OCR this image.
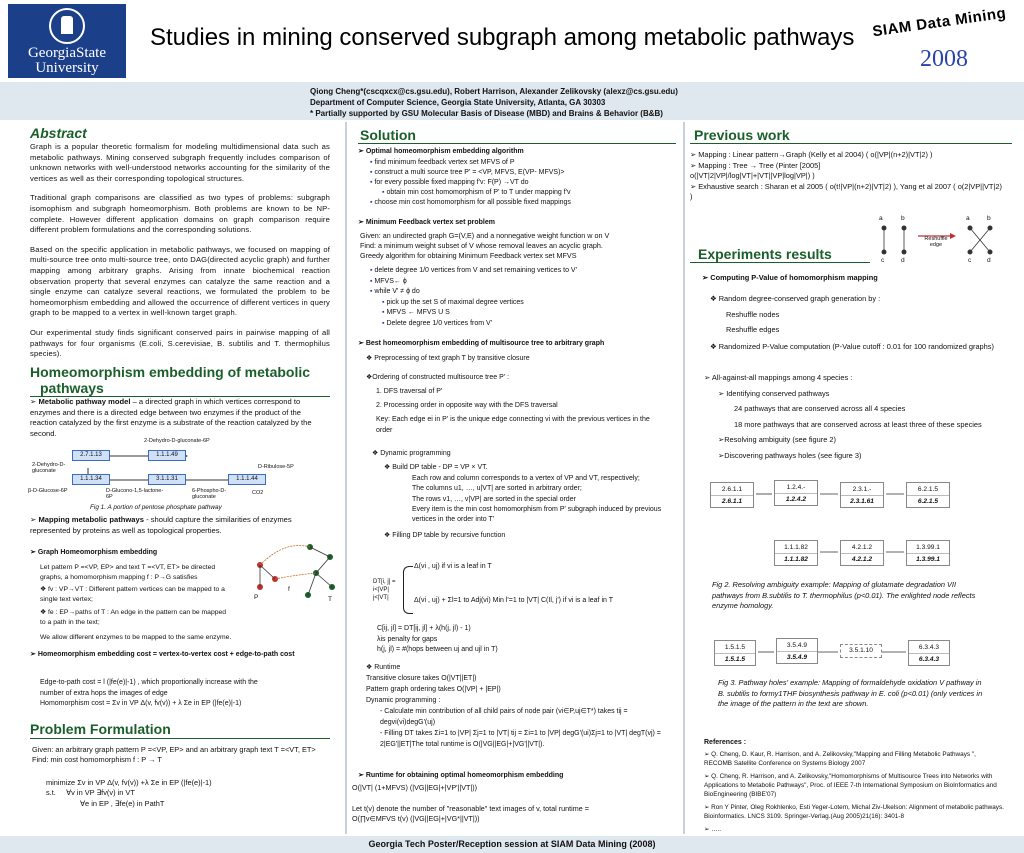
GeorgiaState
University
Studies in mining conserved subgraph among metabolic pathways SIAM Data Mining
2008
Qiong Cheng*(cscqxcx@cs.gsu.edu), Robert Harrison, Alexander Zelikovsky (alexz@cs.gsu.edu)
Department of Computer Science, Georgia State University, Atlanta, GA 30303
* Partially supported by GSU Molecular Basis of Disease (MBD) and Brains & Behavior (B&B)
Abstract

Graph is a popular theoretic formalism for modeling multidimensional data such as metabolic pathways. Mining conserved subgraph frequently includes comparison of unknown networks with well-understood networks accounting for the similarity of the vertices as well as their corresponding topological structures.

Traditional graph comparisons are classified as two types of problems: subgraph isomophism and subgraph homeomorphism. Both problems are known to be NP-complete. However different application domains on graph comparison require different problem formulations and the corresponding solutions.

Based on the specific application in metabolic pathways, we focused on mapping of multi-source tree onto multi-source tree, onto DAG(directed acyclic graph) and further mapping among arbitrary graphs. Arising from innate biochemical reaction observation property that several enzymes can catalyze the same reaction and a single enzyme can catalyze several reactions, we formulated the problem to be homeomorphism embedding and allowed the occurrence of different vertices in query graph to be mapped to a vertex in well-known target graph.

Our experimental study finds significant conserved pairs in pairwise mapping of all pathways for four organisms (E.coli, S.cerevisiae, B. subtilis and T. thermophilus species).

Homeomorphism embedding of metabolic
pathways
➢ Metabolic pathway model – a directed graph in which vertices correspond to enzymes and there is a directed edge between two enzymes if the product of the reaction catalyzed by the first enzyme is a substrate of the reaction catalyzed by the second.
2.7.1.13	1.1.1.49
1.1.1.34	3.1.1.31	1.1.1.44
2-Dehydro-D-gluconate-6P
2-Dehydro-D-gluconate
β-D-Glucose-6P	D-Glucono-1,5-lactone-6P
6-Phospho-D-gluconate
D-Ribulose-5P
CO2
Fig 1. A portion of pentose phosphate pathway
➢ Mapping metabolic pathways - should capture the similarities of enzymes represented by proteins as well as topological properties.
➢ Graph Homeomorphism embedding
Let pattern P =<VP, EP> and text T =<VT, ET> be directed
graphs, a homomorphism mapping f : P→G satisfies
❖ fv : VP→VT : Different pattern vertices can be mapped to a
single text vertex;
❖ fe : EP→paths of T : An edge in the pattern can be mapped
to a path in the text;
We allow different enzymes to be mapped to the same enzyme.
P	T
f
➢ Homeomorphism embedding cost = vertex-to-vertex cost + edge-to-path cost
Edge-to-path cost = l (|fe(e)|-1) , which proportionally increase with the
number of extra hops the images of edge
Homomorphism cost = Σv in VP Δ(v, fv(v)) + λ Σe in EP (|fe(e)|-1)
Problem Formulation
Given: an arbitrary graph pattern P =<VP, EP> and an arbitrary graph text T =<VT, ET>
Find: min cost homomorphism f : P → T
minimize Σv in VP Δ(v, fv(v)) +λ Σe in EP (|fe(e)|-1)
s.t.     ∀v in VP ∃fv(v) in VT
∀e in EP , ∃fe(e) in PathT
Solution
➢ Optimal homeomorphism embedding algorithm
▪ find minimum feedback vertex set MFVS of P
▪ construct a multi source tree P' = <VP, MFVS, E(VP- MFVS)>
▪ for every possible fixed mapping f'v: F(P) →VT do
▪ obtain min cost homomorphism of P' to T under mapping f'v
▪ choose min cost homomorphism for all possible fixed mappings
➢ Minimum Feedback vertex set problem
Given: an undirected graph G=(V,E) and a nonnegative weight function w on V
Find: a minimum weight subset of V whose removal leaves an acyclic graph.
Greedy algorithm for obtaining Minimum Feedback vertex set MFVS
▪ delete degree 1/0 vertices from V and set remaining vertices to V'
▪ MFVS← ϕ
▪ while V' ≠ ϕ do
▪ pick up the set S of maximal degree vertices
▪ MFVS ← MFVS U S
▪ Delete degree 1/0 vertices from V'
➢ Best homeomorphism embedding of multisource tree to arbitrary graph
❖ Preprocessing of text graph T by transitive closure
❖Ordering of constructed multisource tree P' :
1. DFS traversal of P'
2. Processing order in opposite way with the DFS traversal
Key: Each edge ei in P' is the unique edge connecting vi with the previous vertices in the order
❖ Dynamic programming
❖ Build DP table - DP = VP × VT.
Each row and column corresponds to a vertex of VP and VT, respectively;
The columns u1, …, u|VT| are sorted in arbitrary order;
The rows v1, …, v|VP| are sorted in the special order
Every item is the min cost homomorphism from P' subgraph induced by previous vertices in the order into T'
❖ Filling DP table by recursive function
DT[i, j] =
i<|VP|
j<|VT|
Δ(vi , uj) if vi is a leaf in T
Δ(vi , uj) + Σl=1 to Adj(vi) Min l'=1 to |VT| C(Il, j') if vi is a leaf in T
C[ij, jl] = DT[ij, jl] + λ(h(j, jl) - 1)
λis penalty for gaps
h(j, jl) = #(hops between uj and ujl in T)
❖ Runtime
Transitive closure takes O(|VT||ET|)
Pattern graph ordering takes O(|VP| + |EP|)
Dynamic programming :
- Calculate min contribution of all child pairs of node pair (vi∈P,uj∈T*) takes tij = degvi(vi)degG'(uj)
- Filling DT takes Σi=1 to |VP| Σj=1 to |VT| tij = Σi=1 to |VP| degG'(ui)Σj=1 to |VT| degT(vj) = 2|EG'||ET|The total runtime is O(|VG||EG|+|VG'||VT|).
➢ Runtime for obtaining optimal homeomorphism embedding
O(|VT| (1+MFVS) (|VG||EG|+|VP'||VT|))
Let t(v) denote the number of "reasonable" text images of v, total runtime =
O(∏v∈MFVS t(v) (|VG||EG|+|VG*||VT|))
Previous work
➢ Mapping : Linear pattern→Graph (Kelly et al 2004) ( o(|VP|(n+2)|VT|2) )
➢ Mapping : Tree → Tree (Pinter [2005]
o(|VT|2|VP|/log|VT|+|VT||VP|log|VP|) )
➢ Exhaustive search : Sharan et al 2005 ( o(t!|VP|(n+2)|VT|2) ), Yang et al 2007 ( o(2|VP||VT|2) )
a	b
c	d
a	b
c d
Reshuffle edge
Experiments results
➢ Computing P-Value of homomorphism mapping
❖ Random degree-conserved graph generation by :
Reshuffle nodes
Reshuffle edges
❖ Randomized P-Value computation (P-Value cutoff : 0.01 for 100 randomized graphs)
➢ All-against-all mappings among 4 species :
➢ Identifying conserved pathways
24 pathways that are conserved across all 4 species
18 more pathways that are conserved across at least three of these species
➢Resolving ambiguity (see figure 2)
➢Discovering pathways holes (see figure 3)
2.6.1.1
2.6.1.1
1.2.4.-
1.2.4.2
2.3.1.-
2.3.1.61
6.2.1.5
6.2.1.5
1.1.1.82
1.1.1.82
4.2.1.2
4.2.1.2
1.3.99.1
1.3.99.1
Fig 2. Resolving ambiguity example: Mapping of glutamate degradation VII pathways from B.subtilis to T. thermophilus (p<0.01). The enlighted node reflects enzyme homology.
1.5.1.5
1.5.1.5
3.5.4.9
3.5.4.9
3.5.1.10	6.3.4.3
6.3.4.3
Fig 3. Pathway holes' example: Mapping of formaldehyde oxidation V pathway in B. subtilis to formy1THF biosynthesis pathway in E. coli (p<0.01) (only vertices in the image of the pattern in the text are shown.
References :
➢ Q. Cheng, D. Kaur, R. Harrison, and A. Zelikovsky,"Mapping and Filling Metabolic Pathways ", RECOMB Satellite Conference on Systems Biology 2007
➢ Q. Cheng, R. Harrison, and A. Zelikovsky,"Homomorphisms of Multisource Trees into Networks with Applications to Metabolic Pathways", Proc. of IEEE 7-th International Symposium on BioInformatics and BioEngineering (BIBE'07)
➢ Ron Y Pinter, Oleg Rokhlenko, Esti Yeger-Lotem, Michal Ziv-Ukelson: Alignment of metabolic pathways. Bioinformatics. LNCS 3109. Springer-Verlag.(Aug 2005)21(16): 3401-8
➢ …..
Georgia Tech Poster/Reception session at SIAM Data Mining (2008)
